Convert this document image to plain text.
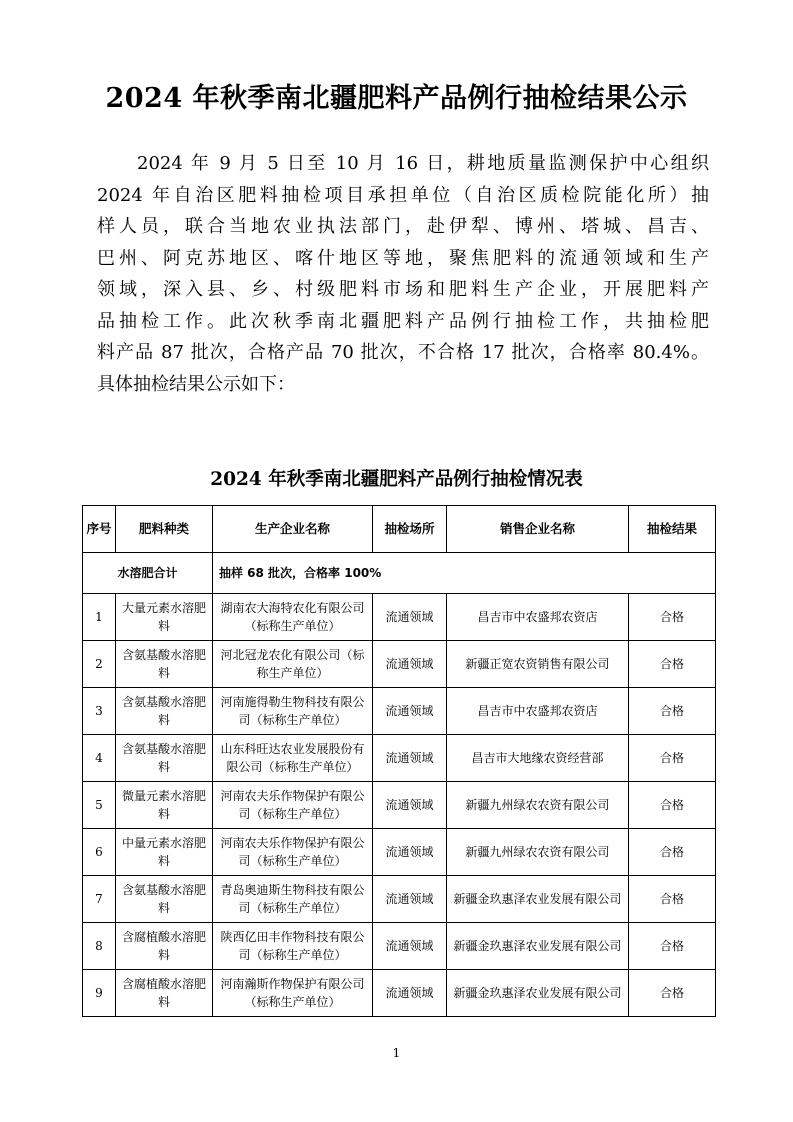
2024 年秋季南北疆肥料产品例行抽检结果公示
2024 年 9 月 5 日至 10 月 16 日，耕地质量监测保护中心组织
2024 年自治区肥料抽检项目承担单位（自治区质检院能化所）抽
样人员，联合当地农业执法部门，赴伊犁、博州、塔城、昌吉、
巴州、阿克苏地区、喀什地区等地，聚焦肥料的流通领域和生产
领域，深入县、乡、村级肥料市场和肥料生产企业，开展肥料产
品抽检工作。此次秋季南北疆肥料产品例行抽检工作，共抽检肥
料产品 87 批次，合格产品 70 批次，不合格 17 批次，合格率 80.4%。
具体抽检结果公示如下：
2024 年秋季南北疆肥料产品例行抽检情况表
序号	肥料种类	生产企业名称	抽检场所	销售企业名称	抽检结果
水溶肥合计		抽样 68 批次，合格率 100%			
1	大量元素水溶肥料	湖南农大海特农化有限公司（标称生产单位）	流通领域	昌吉市中农盛邦农资店	合格
2	含氨基酸水溶肥料	河北冠龙农化有限公司（标称生产单位）	流通领域	新疆正宽农资销售有限公司	合格
3	含氨基酸水溶肥料	河南施得勒生物科技有限公司（标称生产单位）	流通领域	昌吉市中农盛邦农资店	合格
4	含氨基酸水溶肥料	山东科旺达农业发展股份有限公司（标称生产单位）	流通领域	昌吉市大地缘农资经营部	合格
5	微量元素水溶肥料	河南农夫乐作物保护有限公司（标称生产单位）	流通领域	新疆九州绿农农资有限公司	合格
6	中量元素水溶肥料	河南农夫乐作物保护有限公司（标称生产单位）	流通领域	新疆九州绿农农资有限公司	合格
7	含氨基酸水溶肥料	青岛奥迪斯生物科技有限公司（标称生产单位）	流通领域	新疆金玖惠泽农业发展有限公司	合格
8	含腐植酸水溶肥料	陕西亿田丰作物科技有限公司（标称生产单位）	流通领域	新疆金玖惠泽农业发展有限公司	合格
9	含腐植酸水溶肥料	河南瀚斯作物保护有限公司（标称生产单位）	流通领域	新疆金玖惠泽农业发展有限公司	合格
1
